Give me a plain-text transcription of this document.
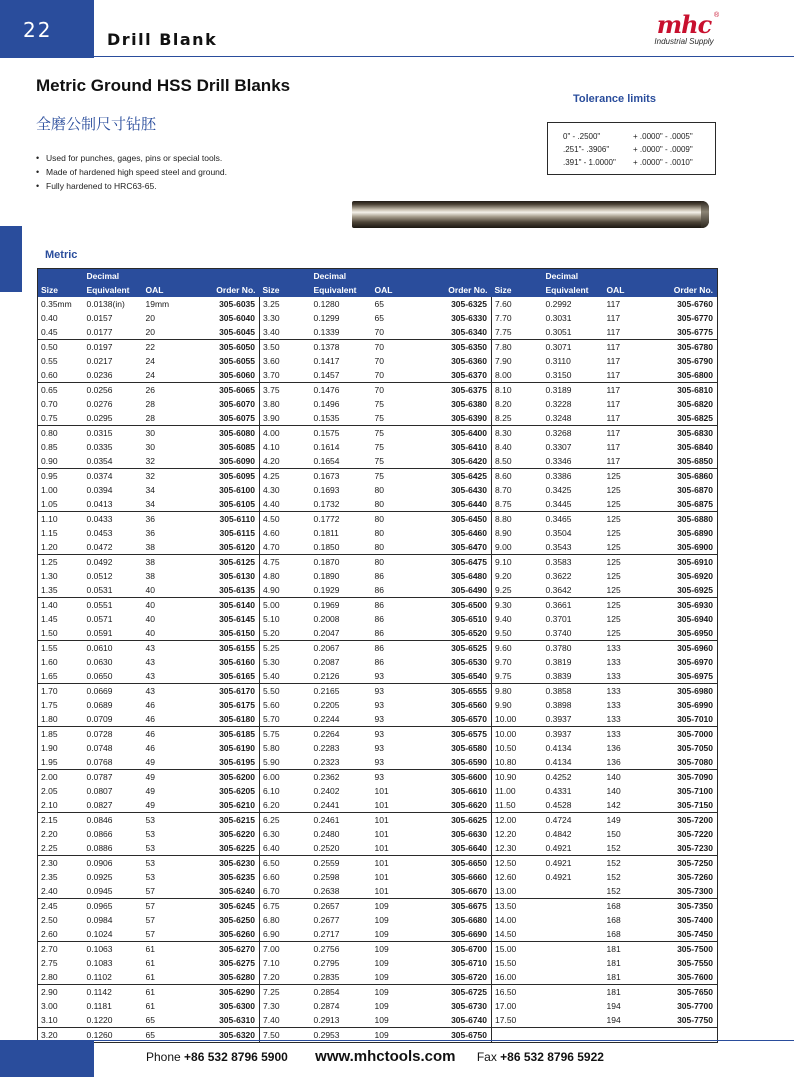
22	Drill Blank
mhc ®
Industrial Supply
Metric Ground HSS Drill Blanks
全磨公制尺寸钻胚
• Used for punches, gages, pins or special tools.
• Made of hardened high speed steel and ground.
• Fully hardened to HRC63-65.
Tolerance limits
0" - .2500"	+ .0000" - .0005"
.251"- .3906"	+ .0000" - .0009"
.391" - 1.0000"	+ .0000" - .0010"
Metric
	Decimal				Decimal				Decimal		
Size	Equivalent	OAL	Order No.	Size	Equivalent	OAL	Order No.	Size	Equivalent	OAL	Order No.
0.35mm	0.0138(in)	19mm	305-6035	3.25	0.1280	65	305-6325	7.60	0.2992	117	305-6760
0.40	0.0157	20	305-6040	3.30	0.1299	65	305-6330	7.70	0.3031	117	305-6770
0.45	0.0177	20	305-6045	3.40	0.1339	70	305-6340	7.75	0.3051	117	305-6775
0.50	0.0197	22	305-6050	3.50	0.1378	70	305-6350	7.80	0.3071	117	305-6780
0.55	0.0217	24	305-6055	3.60	0.1417	70	305-6360	7.90	0.3110	117	305-6790
0.60	0.0236	24	305-6060	3.70	0.1457	70	305-6370	8.00	0.3150	117	305-6800
0.65	0.0256	26	305-6065	3.75	0.1476	70	305-6375	8.10	0.3189	117	305-6810
0.70	0.0276	28	305-6070	3.80	0.1496	75	305-6380	8.20	0.3228	117	305-6820
0.75	0.0295	28	305-6075	3.90	0.1535	75	305-6390	8.25	0.3248	117	305-6825
0.80	0.0315	30	305-6080	4.00	0.1575	75	305-6400	8.30	0.3268	117	305-6830
0.85	0.0335	30	305-6085	4.10	0.1614	75	305-6410	8.40	0.3307	117	305-6840
0.90	0.0354	32	305-6090	4.20	0.1654	75	305-6420	8.50	0.3346	117	305-6850
0.95	0.0374	32	305-6095	4.25	0.1673	75	305-6425	8.60	0.3386	125	305-6860
1.00	0.0394	34	305-6100	4.30	0.1693	80	305-6430	8.70	0.3425	125	305-6870
1.05	0.0413	34	305-6105	4.40	0.1732	80	305-6440	8.75	0.3445	125	305-6875
1.10	0.0433	36	305-6110	4.50	0.1772	80	305-6450	8.80	0.3465	125	305-6880
1.15	0.0453	36	305-6115	4.60	0.1811	80	305-6460	8.90	0.3504	125	305-6890
1.20	0.0472	38	305-6120	4.70	0.1850	80	305-6470	9.00	0.3543	125	305-6900
1.25	0.0492	38	305-6125	4.75	0.1870	80	305-6475	9.10	0.3583	125	305-6910
1.30	0.0512	38	305-6130	4.80	0.1890	86	305-6480	9.20	0.3622	125	305-6920
1.35	0.0531	40	305-6135	4.90	0.1929	86	305-6490	9.25	0.3642	125	305-6925
1.40	0.0551	40	305-6140	5.00	0.1969	86	305-6500	9.30	0.3661	125	305-6930
1.45	0.0571	40	305-6145	5.10	0.2008	86	305-6510	9.40	0.3701	125	305-6940
1.50	0.0591	40	305-6150	5.20	0.2047	86	305-6520	9.50	0.3740	125	305-6950
1.55	0.0610	43	305-6155	5.25	0.2067	86	305-6525	9.60	0.3780	133	305-6960
1.60	0.0630	43	305-6160	5.30	0.2087	86	305-6530	9.70	0.3819	133	305-6970
1.65	0.0650	43	305-6165	5.40	0.2126	93	305-6540	9.75	0.3839	133	305-6975
1.70	0.0669	43	305-6170	5.50	0.2165	93	305-6555	9.80	0.3858	133	305-6980
1.75	0.0689	46	305-6175	5.60	0.2205	93	305-6560	9.90	0.3898	133	305-6990
1.80	0.0709	46	305-6180	5.70	0.2244	93	305-6570	10.00	0.3937	133	305-7010
1.85	0.0728	46	305-6185	5.75	0.2264	93	305-6575	10.00	0.3937	133	305-7000
1.90	0.0748	46	305-6190	5.80	0.2283	93	305-6580	10.50	0.4134	136	305-7050
1.95	0.0768	49	305-6195	5.90	0.2323	93	305-6590	10.80	0.4134	136	305-7080
2.00	0.0787	49	305-6200	6.00	0.2362	93	305-6600	10.90	0.4252	140	305-7090
2.05	0.0807	49	305-6205	6.10	0.2402	101	305-6610	11.00	0.4331	140	305-7100
2.10	0.0827	49	305-6210	6.20	0.2441	101	305-6620	11.50	0.4528	142	305-7150
2.15	0.0846	53	305-6215	6.25	0.2461	101	305-6625	12.00	0.4724	149	305-7200
2.20	0.0866	53	305-6220	6.30	0.2480	101	305-6630	12.20	0.4842	150	305-7220
2.25	0.0886	53	305-6225	6.40	0.2520	101	305-6640	12.30	0.4921	152	305-7230
2.30	0.0906	53	305-6230	6.50	0.2559	101	305-6650	12.50	0.4921	152	305-7250
2.35	0.0925	53	305-6235	6.60	0.2598	101	305-6660	12.60	0.4921	152	305-7260
2.40	0.0945	57	305-6240	6.70	0.2638	101	305-6670	13.00		152	305-7300
2.45	0.0965	57	305-6245	6.75	0.2657	109	305-6675	13.50		168	305-7350
2.50	0.0984	57	305-6250	6.80	0.2677	109	305-6680	14.00		168	305-7400
2.60	0.1024	57	305-6260	6.90	0.2717	109	305-6690	14.50		168	305-7450
2.70	0.1063	61	305-6270	7.00	0.2756	109	305-6700	15.00		181	305-7500
2.75	0.1083	61	305-6275	7.10	0.2795	109	305-6710	15.50		181	305-7550
2.80	0.1102	61	305-6280	7.20	0.2835	109	305-6720	16.00		181	305-7600
2.90	0.1142	61	305-6290	7.25	0.2854	109	305-6725	16.50		181	305-7650
3.00	0.1181	61	305-6300	7.30	0.2874	109	305-6730	17.00		194	305-7700
3.10	0.1220	65	305-6310	7.40	0.2913	109	305-6740	17.50		194	305-7750
3.20	0.1260	65	305-6320	7.50	0.2953	109	305-6750				
Phone +86 532 8796 5900 www.mhctools.com Fax +86 532 8796 5922
